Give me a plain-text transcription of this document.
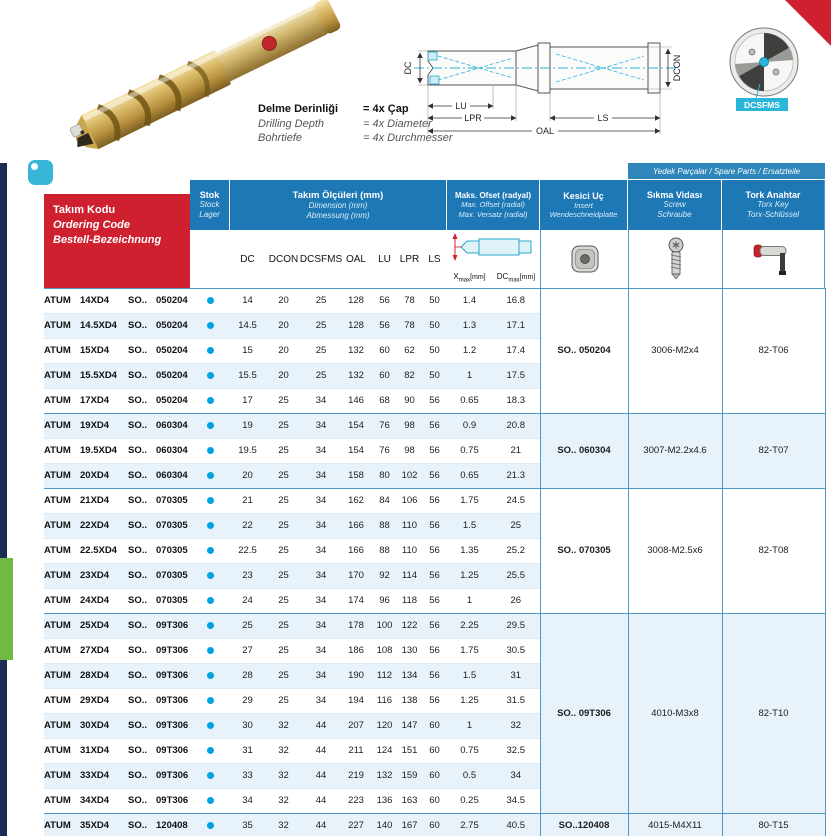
Delme Derinliği	= 4x Çap
Drilling Depth	= 4x Diameter
Bohrtiefe	= 4x Durchmesser
DC	DCON
LU
LPR
OAL
LS
DCSFMS
Yedek Parçalar / Spare Parts / Ersatzteile
Stok
Stock
Lager
Takım Ölçüleri (mm)
Dimension (mm)
Abmessung (mm)
Maks. Ofset (radyal)
Max. Offset (radial)
Max. Versatz (radial)
Kesici Uç
Insert
Wendeschneidplatte
Sıkma Vidası
Screw
Schraube
Tork Anahtar
Torx Key
Torx-Schlüssel
Takım Kodu
Ordering Code
Bestell-Bezeichnung
DC	DCON DCSFMS OAL	LU LPR LS
$X_{max}[mm]$	$DC_{max}[mm]$
ATUM 14XD4 SO.. 050204		14	20	25	128	56	78	50	1.4	16.8	SO.. 050204	3006-M2x4	82-T06
ATUM 14.5XD4 SO.. 050204		14.5	20	25	128	56	78	50	1.3	17.1			
ATUM 15XD4 SO.. 050204		15	20	25	132	60	62	50	1.2	17.4			
ATUM 15.5XD4 SO.. 050204		15.5	20	25	132	60	82	50	1	17.5			
ATUM 17XD4 SO.. 050204		17	25	34	146	68	90	56	0.65	18.3			
ATUM 19XD4 SO.. 060304		19	25	34	154	76	98	56	0.9	20.8	SO.. 060304	3007-M2.2x4.6	82-T07
ATUM 19.5XD4 SO.. 060304		19.5	25	34	154	76	98	56	0.75	21			
ATUM 20XD4 SO.. 060304		20	25	34	158	80	102	56	0.65	21.3			
ATUM 21XD4 SO.. 070305		21	25	34	162	84	106	56	1.75	24.5	SO.. 070305	3008-M2.5x6	82-T08
ATUM 22XD4 SO.. 070305		22	25	34	166	88	110	56	1.5	25			
ATUM 22.5XD4 SO.. 070305		22.5	25	34	166	88	110	56	1.35	25.2			
ATUM 23XD4 SO.. 070305		23	25	34	170	92	114	56	1.25	25.5			
ATUM 24XD4 SO.. 070305		24	25	34	174	96	118	56	1	26			
ATUM 25XD4 SO.. 09T306		25	25	34	178	100	122	56	2.25	29.5	SO.. 09T306	4010-M3x8	82-T10
ATUM 27XD4 SO.. 09T306		27	25	34	186	108	130	56	1.75	30.5			
ATUM 28XD4 SO.. 09T306		28	25	34	190	112	134	56	1.5	31			
ATUM 29XD4 SO.. 09T306		29	25	34	194	116	138	56	1.25	31.5			
ATUM 30XD4 SO.. 09T306		30	32	44	207	120	147	60	1	32			
ATUM 31XD4 SO.. 09T306		31	32	44	211	124	151	60	0.75	32.5			
ATUM 33XD4 SO.. 09T306		33	32	44	219	132	159	60	0.5	34			
ATUM 34XD4 SO.. 09T306		34	32	44	223	136	163	60	0.25	34.5			
ATUM 35XD4 SO.. 120408		35	32	44	227	140	167	60	2.75	40.5	SO..120408	4015-M4X11	80-T15
